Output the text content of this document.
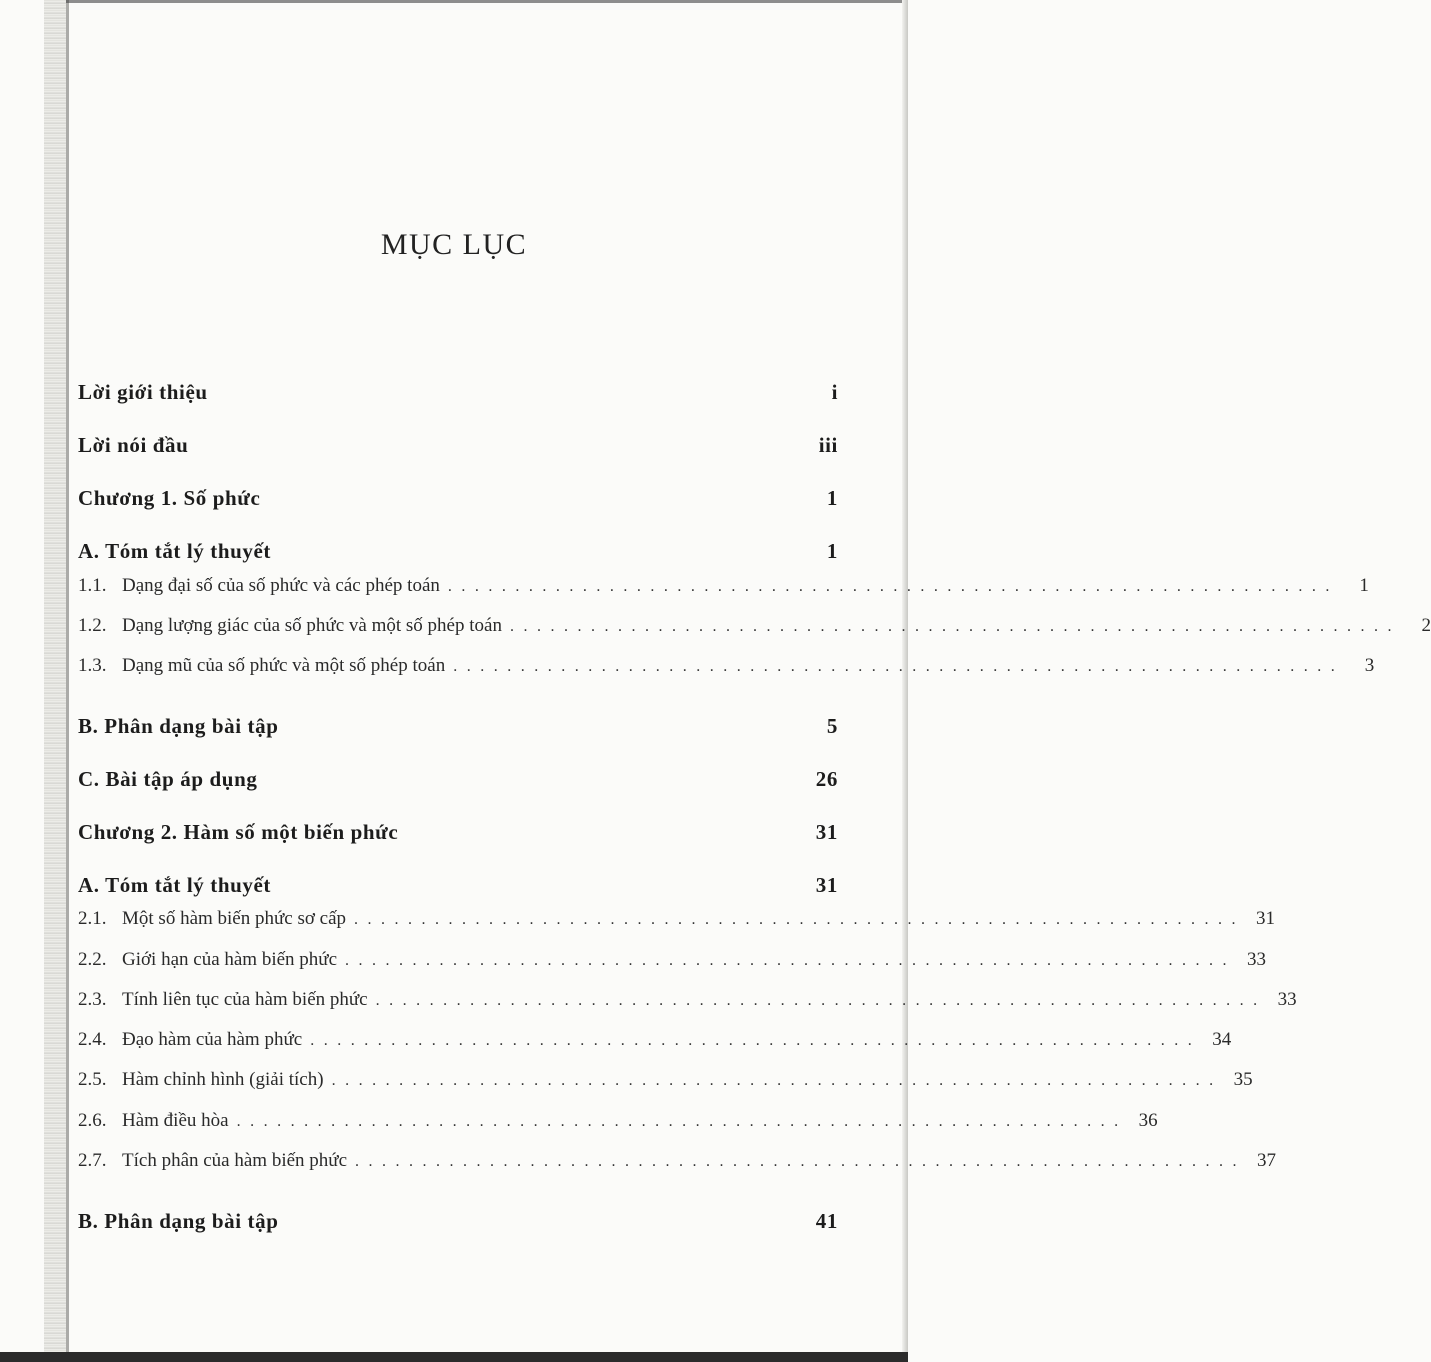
MỤC LỤC
Lời giới thiệu	i
Lời nói đầu	iii
Chương 1. Số phức	1
A. Tóm tắt lý thuyết	1
1.1. Dạng đại số của số phức và các phép toán ..................................................................	1
1.2. Dạng lượng giác của số phức và một số phép toán ..................................................................	2
1.3. Dạng mũ của số phức và một số phép toán ..................................................................	3
B. Phân dạng bài tập	5
C. Bài tập áp dụng	26
Chương 2. Hàm số một biến phức	31
A. Tóm tắt lý thuyết	31
2.1. Một số hàm biến phức sơ cấp .................................................................. 31
2.2. Giới hạn của hàm biến phức .................................................................. 33
2.3. Tính liên tục của hàm biến phức .................................................................. 33
2.4. Đạo hàm của hàm phức .................................................................. 34
2.5. Hàm chỉnh hình (giải tích) .................................................................. 35
2.6. Hàm điều hòa .................................................................. 36
2.7. Tích phân của hàm biến phức .................................................................. 37
B. Phân dạng bài tập	41
